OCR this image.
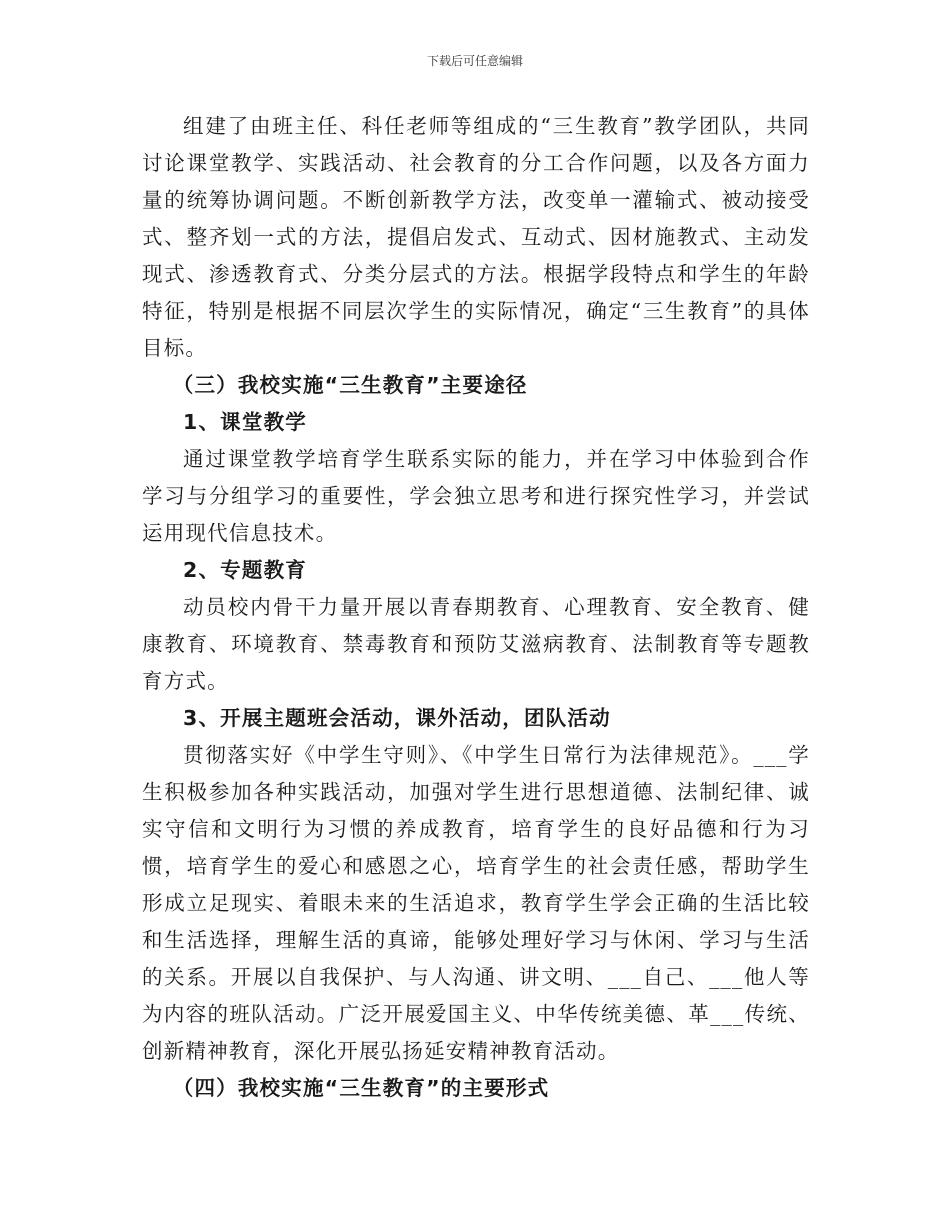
下载后可任意编辑

组建了由班主任、科任老师等组成的“三生教育”教学团队，共同讨论课堂教学、实践活动、社会教育的分工合作问题，以及各方面力量的统筹协调问题。不断创新教学方法，改变单一灌输式、被动接受式、整齐划一式的方法，提倡启发式、互动式、因材施教式、主动发现式、渗透教育式、分类分层式的方法。根据学段特点和学生的年龄特征，特别是根据不同层次学生的实际情况，确定“三生教育”的具体目标。

（三）我校实施“三生教育”主要途径

1、课堂教学

通过课堂教学培育学生联系实际的能力，并在学习中体验到合作学习与分组学习的重要性，学会独立思考和进行探究性学习，并尝试运用现代信息技术。

2、专题教育

动员校内骨干力量开展以青春期教育、心理教育、安全教育、健康教育、环境教育、禁毒教育和预防艾滋病教育、法制教育等专题教育方式。

3、开展主题班会活动，课外活动，团队活动

贯彻落实好《中学生守则》、《中学生日常行为法律规范》。___学生积极参加各种实践活动，加强对学生进行思想道德、法制纪律、诚实守信和文明行为习惯的养成教育，培育学生的良好品德和行为习惯，培育学生的爱心和感恩之心，培育学生的社会责任感，帮助学生形成立足现实、着眼未来的生活追求，教育学生学会正确的生活比较和生活选择，理解生活的真谛，能够处理好学习与休闲、学习与生活的关系。开展以自我保护、与人沟通、讲文明、___自己、___他人等为内容的班队活动。广泛开展爱国主义、中华传统美德、革___传统、创新精神教育，深化开展弘扬延安精神教育活动。

（四）我校实施“三生教育”的主要形式
